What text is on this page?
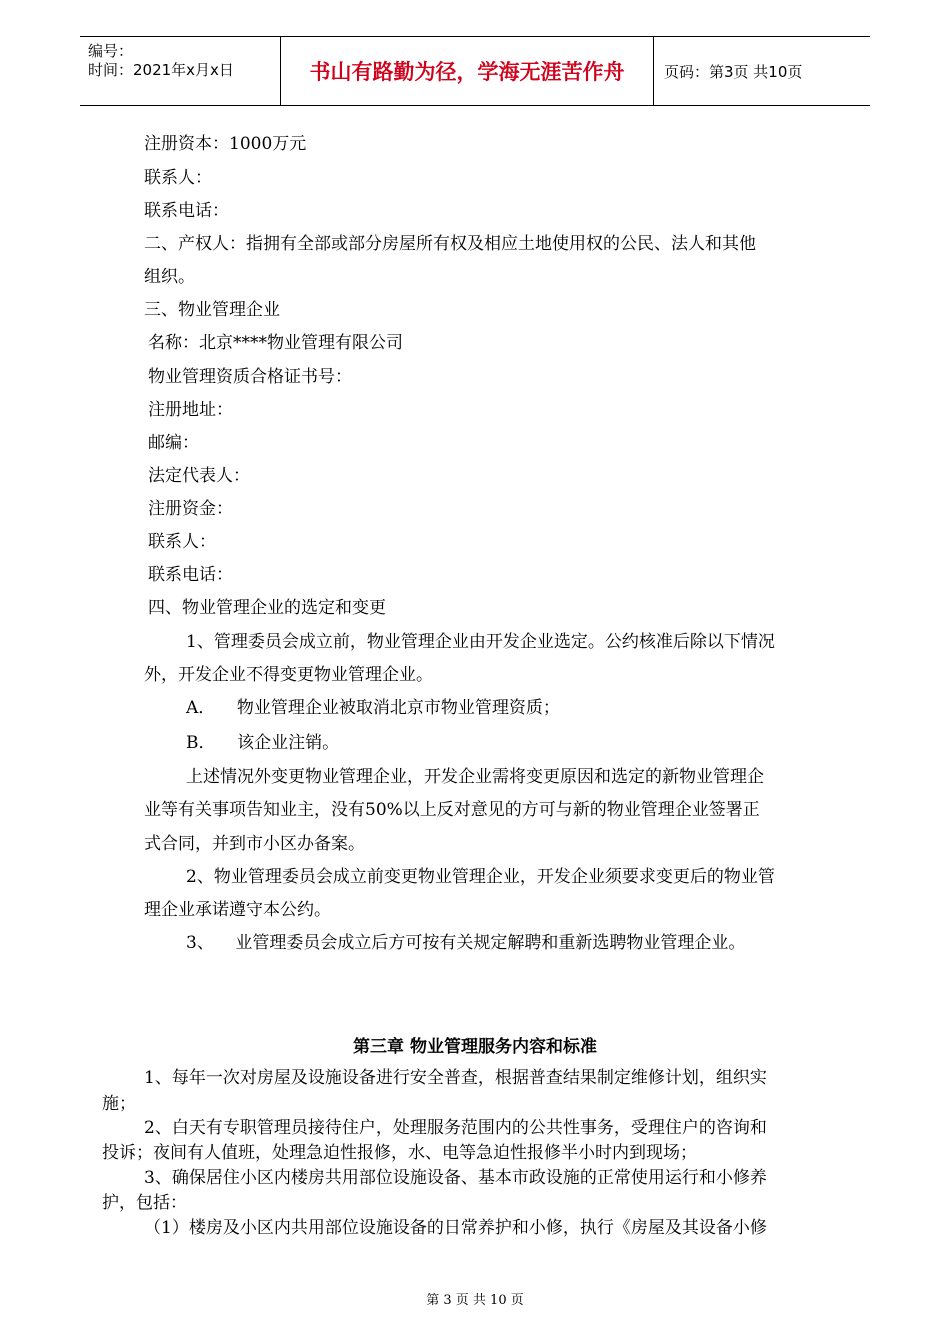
编号：
时间：2021年x月x日	书山有路勤为径，学海无涯苦作舟	页码：第3页 共10页
注册资本：1000万元
联系人：
联系电话：
二、产权人：指拥有全部或部分房屋所有权及相应土地使用权的公民、法人和其他
组织。
三、物业管理企业
名称：北京****物业管理有限公司
物业管理资质合格证书号：
注册地址：
邮编：
法定代表人：
注册资金：
联系人：
联系电话：
四、物业管理企业的选定和变更
1、管理委员会成立前，物业管理企业由开发企业选定。公约核准后除以下情况
外，开发企业不得变更物业管理企业。
A．    物业管理企业被取消北京市物业管理资质；
B．    该企业注销。
上述情况外变更物业管理企业，开发企业需将变更原因和选定的新物业管理企
业等有关事项告知业主，没有50%以上反对意见的方可与新的物业管理企业签署正
式合同，并到市小区办备案。
2、物业管理委员会成立前变更物业管理企业，开发企业须要求变更后的物业管
理企业承诺遵守本公约。
3、    业管理委员会成立后方可按有关规定解聘和重新选聘物业管理企业。
第三章 物业管理服务内容和标准
1、每年一次对房屋及设施设备进行安全普查，根据普查结果制定维修计划，组织实
施；
2、白天有专职管理员接待住户，处理服务范围内的公共性事务，受理住户的咨询和
投诉；夜间有人值班，处理急迫性报修，水、电等急迫性报修半小时内到现场；
3、确保居住小区内楼房共用部位设施设备、基本市政设施的正常使用运行和小修养
护，包括：
（1）楼房及小区内共用部位设施设备的日常养护和小修，执行《房屋及其设备小修
第 3 页 共 10 页
